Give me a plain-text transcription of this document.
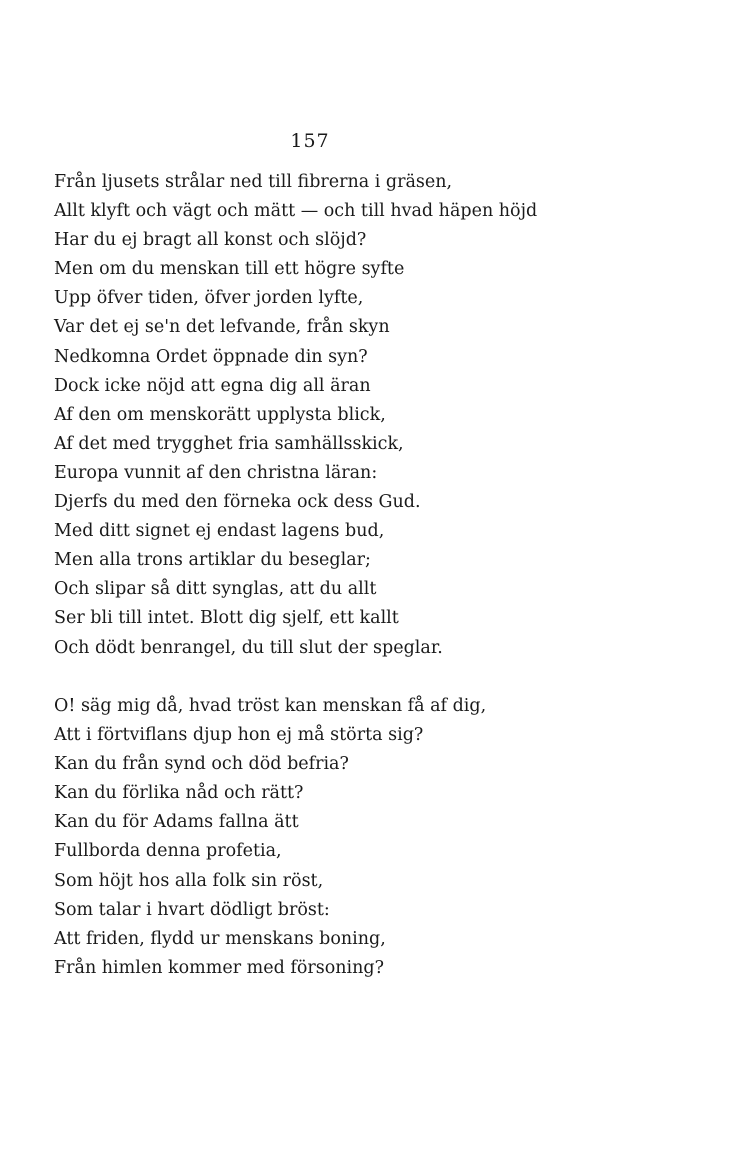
157
Från ljusets strålar ned till fibrerna i gräsen,
Allt klyft och vägt och mätt — och till hvad häpen höjd
Har du ej bragt all konst och slöjd?
Men om du menskan till ett högre syfte
Upp öfver tiden, öfver jorden lyfte,
Var det ej se'n det lefvande, från skyn
Nedkomna Ordet öppnade din syn?
Dock icke nöjd att egna dig all äran
Af den om menskorätt upplysta blick,
Af det med trygghet fria samhällsskick,
Europa vunnit af den christna läran:
Djerfs du med den förneka ock dess Gud.
Med ditt signet ej endast lagens bud,
Men alla trons artiklar du beseglar;
Och slipar så ditt synglas, att du allt
Ser bli till intet. Blott dig sjelf, ett kallt
Och dödt benrangel, du till slut der speglar.
O! säg mig då, hvad tröst kan menskan få af dig,
Att i förtviflans djup hon ej må störta sig?
Kan du från synd och död befria?
Kan du förlika nåd och rätt?
Kan du för Adams fallna ätt
Fullborda denna profetia,
Som höjt hos alla folk sin röst,
Som talar i hvart dödligt bröst:
Att friden, flydd ur menskans boning,
Från himlen kommer med försoning?
